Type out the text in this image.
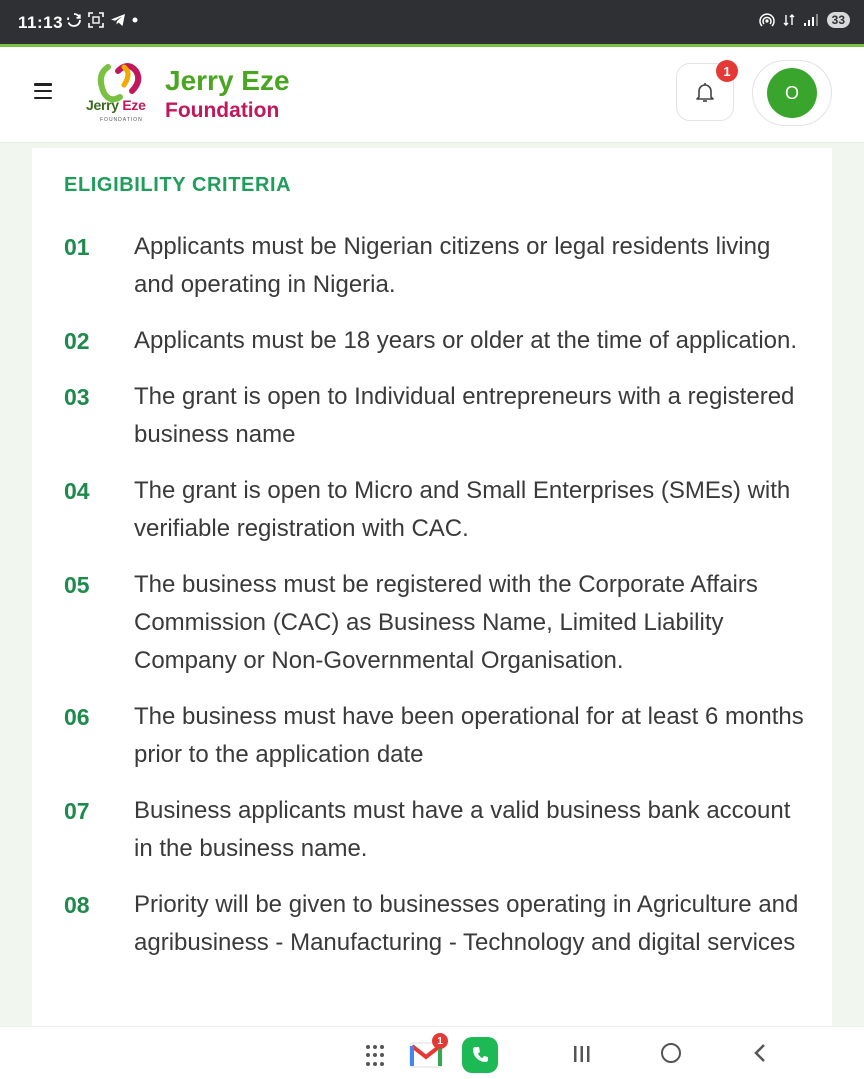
11:13	33
Jerry Eze
FOUNDATION
Jerry Eze
Foundation
1
O
ELIGIBILITY CRITERIA
01	Applicants must be Nigerian citizens or legal residents living and operating in Nigeria.
02	Applicants must be 18 years or older at the time of application.
03	The grant is open to Individual entrepreneurs with a registered business name
04	The grant is open to Micro and Small Enterprises (SMEs) with verifiable registration with CAC.
05	The business must be registered with the Corporate Affairs Commission (CAC) as Business Name, Limited Liability Company or Non-Governmental Organisation.
06	The business must have been operational for at least 6 months prior to the application date
07	Business applicants must have a valid business bank account in the business name.
08	Priority will be given to businesses operating in Agriculture and agribusiness - Manufacturing - Technology and digital services
1
